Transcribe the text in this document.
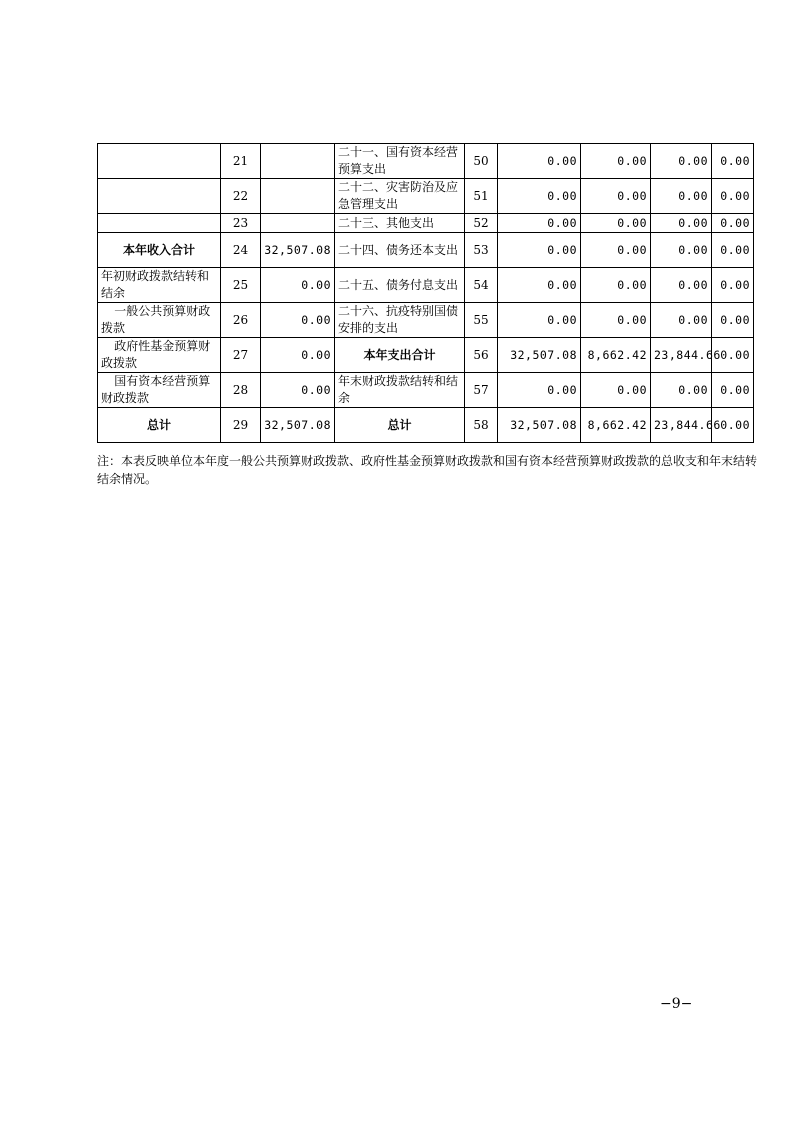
	21		二十一、国有资本经营预算支出	50	0.00	0.00	0.00	0.00
	22		二十二、灾害防治及应急管理支出	51	0.00	0.00	0.00	0.00
	23		二十三、其他支出	52	0.00	0.00	0.00	0.00
本年收入合计	24	32,507.08	二十四、债务还本支出	53	0.00	0.00	0.00	0.00
年初财政拨款结转和结余	25	0.00	二十五、债务付息支出	54	0.00	0.00	0.00	0.00
一般公共预算财政拨款	26	0.00	二十六、抗疫特别国债安排的支出	55	0.00	0.00	0.00	0.00
政府性基金预算财政拨款	27	0.00	本年支出合计	56	32,507.08	8,662.42	23,844.66	0.00
国有资本经营预算财政拨款	28	0.00	年末财政拨款结转和结余	57	0.00	0.00	0.00	0.00
总计	29	32,507.08	总计	58	32,507.08	8,662.42	23,844.66	0.00
注：本表反映单位本年度一般公共预算财政拨款、政府性基金预算财政拨款和国有资本经营预算财政拨款的总收支和年末结转结余情况。
−9−
